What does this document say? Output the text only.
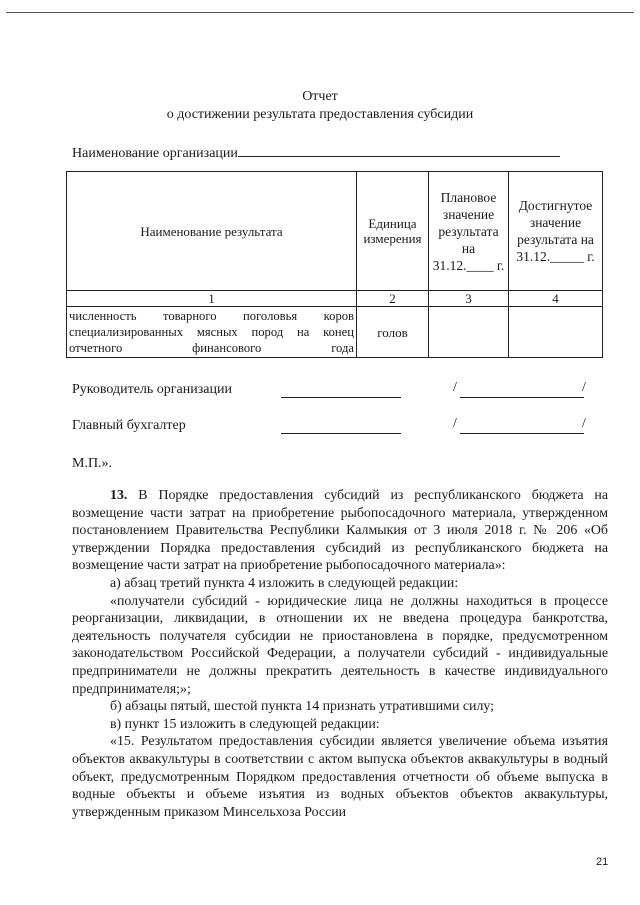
Отчет
о достижении результата предоставления субсидии
Наименование организации
Наименование результата	Единица измерения	Плановое значение результата на 31.12.____ г.	Достигнутое значение результата на 31.12._____ г.
1	2	3	4
численность товарного поголовья коров специализированных мясных пород на конец отчетного финансового года	голов		
Руководитель организации	/	/
Главный бухгалтер	/	/
М.П.».

13. В Порядке предоставления субсидий из республиканского бюджета на возмещение части затрат на приобретение рыбопосадочного материала, утвержденном постановлением Правительства Республики Калмыкия от 3 июля 2018 г. № 206 «Об утверждении Порядка предоставления субсидий из республиканского бюджета на возмещение части затрат на приобретение рыбопосадочного материала»:

а) абзац третий пункта 4 изложить в следующей редакции:

«получатели субсидий - юридические лица не должны находиться в процессе реорганизации, ликвидации, в отношении их не введена процедура банкротства, деятельность получателя субсидии не приостановлена в порядке, предусмотренном законодательством Российской Федерации, а получатели субсидий - индивидуальные предприниматели не должны прекратить деятельность в качестве индивидуального предпринимателя;»;

б) абзацы пятый, шестой пункта 14 признать утратившими силу;

в) пункт 15 изложить в следующей редакции:

«15. Результатом предоставления субсидии является увеличение объема изъятия объектов аквакультуры в соответствии с актом выпуска объектов аквакультуры в водный объект, предусмотренным Порядком предоставления отчетности об объеме выпуска в водные объекты и объеме изъятия из водных объектов объектов аквакультуры, утвержденным приказом Минсельхоза России

21
